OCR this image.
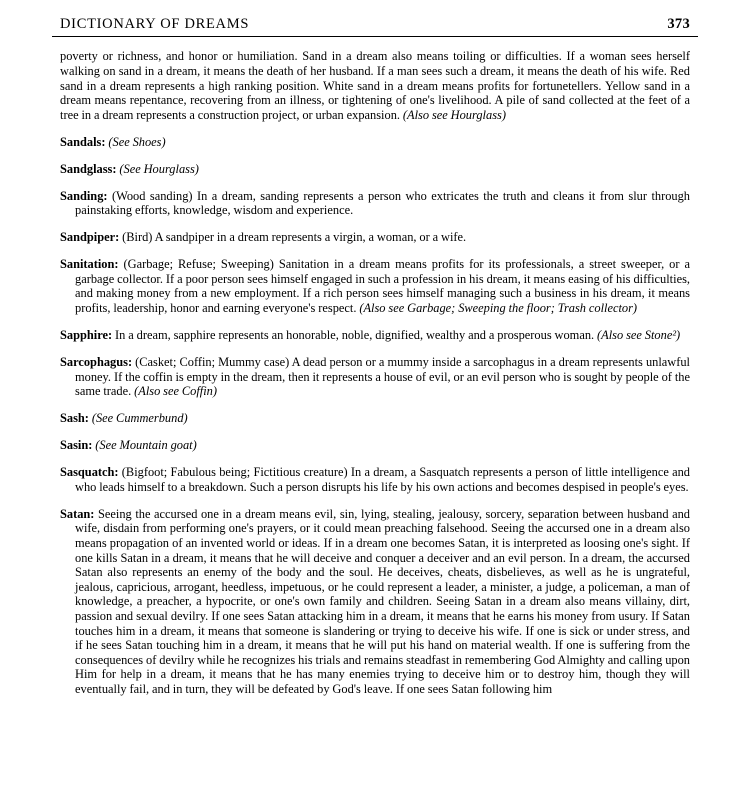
DICTIONARY OF DREAMS	373

poverty or richness, and honor or humiliation. Sand in a dream also means toiling or difficulties. If a woman sees herself walking on sand in a dream, it means the death of her husband. If a man sees such a dream, it means the death of his wife. Red sand in a dream represents a high ranking position. White sand in a dream means profits for fortunetellers. Yellow sand in a dream means repentance, recovering from an illness, or tightening of one's livelihood. A pile of sand collected at the feet of a tree in a dream represents a construction project, or urban expansion. (Also see Hourglass)

Sandals: (See Shoes)

Sandglass: (See Hourglass)

Sanding: (Wood sanding) In a dream, sanding represents a person who extricates the truth and cleans it from slur through painstaking efforts, knowledge, wisdom and experience.

Sandpiper: (Bird) A sandpiper in a dream represents a virgin, a woman, or a wife.

Sanitation: (Garbage; Refuse; Sweeping) Sanitation in a dream means profits for its professionals, a street sweeper, or a garbage collector. If a poor person sees himself engaged in such a profession in his dream, it means easing of his difficulties, and making money from a new employment. If a rich person sees himself managing such a business in his dream, it means profits, leadership, honor and earning everyone's respect. (Also see Garbage; Sweeping the floor; Trash collector)

Sapphire: In a dream, sapphire represents an honorable, noble, dignified, wealthy and a prosperous woman. (Also see Stone²)

Sarcophagus: (Casket; Coffin; Mummy case) A dead person or a mummy inside a sarcophagus in a dream represents unlawful money. If the coffin is empty in the dream, then it represents a house of evil, or an evil person who is sought by people of the same trade. (Also see Coffin)

Sash: (See Cummerbund)

Sasin: (See Mountain goat)

Sasquatch: (Bigfoot; Fabulous being; Fictitious creature) In a dream, a Sasquatch represents a person of little intelligence and who leads himself to a breakdown. Such a person disrupts his life by his own actions and becomes despised in people's eyes.

Satan: Seeing the accursed one in a dream means evil, sin, lying, stealing, jealousy, sorcery, separation between husband and wife, disdain from performing one's prayers, or it could mean preaching falsehood. Seeing the accursed one in a dream also means propagation of an invented world or ideas. If in a dream one becomes Satan, it is interpreted as loosing one's sight. If one kills Satan in a dream, it means that he will deceive and conquer a deceiver and an evil person. In a dream, the accursed Satan also represents an enemy of the body and the soul. He deceives, cheats, disbelieves, as well as he is ungrateful, jealous, capricious, arrogant, heedless, impetuous, or he could represent a leader, a minister, a judge, a policeman, a man of knowledge, a preacher, a hypocrite, or one's own family and children. Seeing Satan in a dream also means villainy, dirt, passion and sexual devilry. If one sees Satan attacking him in a dream, it means that he earns his money from usury. If Satan touches him in a dream, it means that someone is slandering or trying to deceive his wife. If one is sick or under stress, and if he sees Satan touching him in a dream, it means that he will put his hand on material wealth. If one is suffering from the consequences of devilry while he recognizes his trials and remains steadfast in remembering God Almighty and calling upon Him for help in a dream, it means that he has many enemies trying to deceive him or to destroy him, though they will eventually fail, and in turn, they will be defeated by God's leave. If one sees Satan following him
